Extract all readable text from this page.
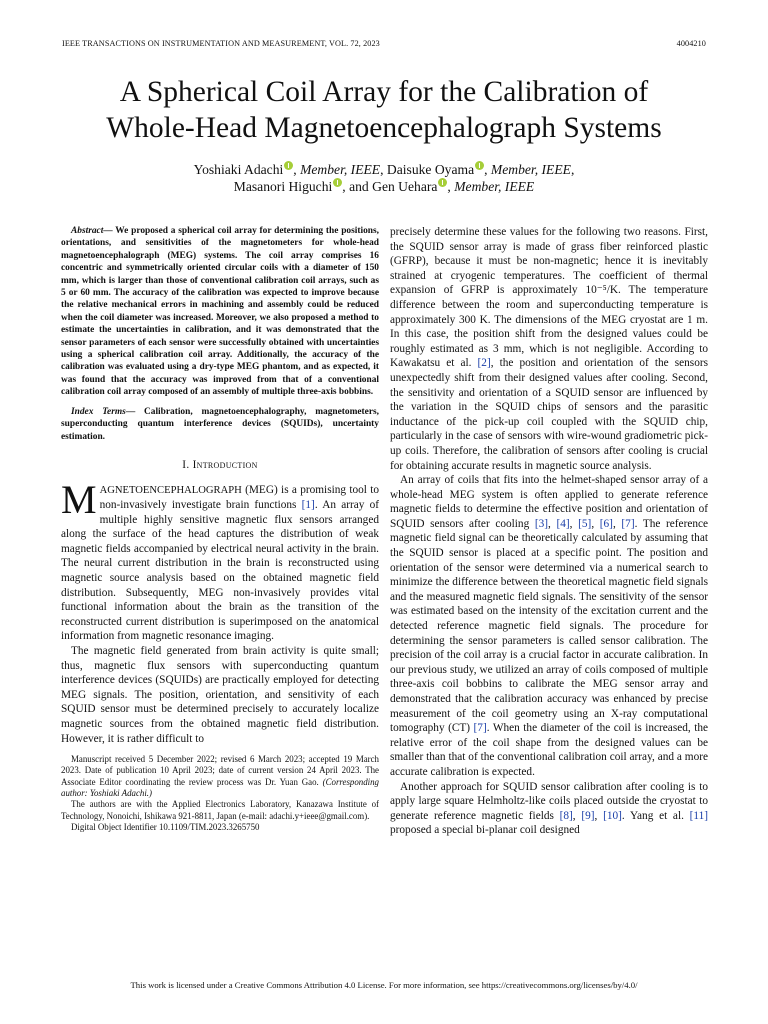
IEEE TRANSACTIONS ON INSTRUMENTATION AND MEASUREMENT, VOL. 72, 2023	4004210
A Spherical Coil Array for the Calibration of
Whole-Head Magnetoencephalograph Systems
Yoshiaki Adachi , Member, IEEE, Daisuke Oyama , Member, IEEE,
Masanori Higuchi , and Gen Uehara , Member, IEEE

Abstract— We proposed a spherical coil array for determining the positions, orientations, and sensitivities of the magnetometers for whole-head magnetoencephalograph (MEG) systems. The coil array comprises 16 concentric and symmetrically oriented circular coils with a diameter of 150 mm, which is larger than those of conventional calibration coil arrays, such as 5 or 60 mm. The accuracy of the calibration was expected to improve because the relative mechanical errors in machining and assembly could be reduced when the coil diameter was increased. Moreover, we also proposed a method to estimate the uncertainties in calibration, and it was demonstrated that the sensor parameters of each sensor were successfully obtained with uncertainties using a spherical calibration coil array. Additionally, the accuracy of the calibration was evaluated using a dry-type MEG phantom, and as expected, it was found that the accuracy was improved from that of a conventional calibration coil array composed of an assembly of multiple three-axis bobbins.

Index Terms— Calibration, magnetoencephalography, magnetometers, superconducting quantum interference devices (SQUIDs), uncertainty estimation.

I. Introduction

MAGNETOENCEPHALOGRAPH (MEG) is a promising tool to non-invasively investigate brain functions [1]. An array of multiple highly sensitive magnetic flux sensors arranged along the surface of the head captures the distribution of weak magnetic fields accompanied by electrical neural activity in the brain. The neural current distribution in the brain is reconstructed using magnetic source analysis based on the obtained magnetic field distribution. Subsequently, MEG non-invasively provides vital functional information about the brain as the transition of the reconstructed current distribution is superimposed on the anatomical information from magnetic resonance imaging.

The magnetic field generated from brain activity is quite small; thus, magnetic flux sensors with superconducting quantum interference devices (SQUIDs) are practically employed for detecting MEG signals. The position, orientation, and sensitivity of each SQUID sensor must be determined precisely to accurately localize magnetic sources from the obtained magnetic field distribution. However, it is rather difficult to

Manuscript received 5 December 2022; revised 6 March 2023; accepted 19 March 2023. Date of publication 10 April 2023; date of current version 24 April 2023. The Associate Editor coordinating the review process was Dr. Yuan Gao. (Corresponding author: Yoshiaki Adachi.)

The authors are with the Applied Electronics Laboratory, Kanazawa Institute of Technology, Nonoichi, Ishikawa 921-8811, Japan (e-mail: adachi.y+ieee@gmail.com).

Digital Object Identifier 10.1109/TIM.2023.3265750

precisely determine these values for the following two reasons. First, the SQUID sensor array is made of grass fiber reinforced plastic (GFRP), because it must be non-magnetic; hence it is inevitably strained at cryogenic temperatures. The coefficient of thermal expansion of GFRP is approximately 10⁻⁵/K. The temperature difference between the room and superconducting temperature is approximately 300 K. The dimensions of the MEG cryostat are 1 m. In this case, the position shift from the designed values could be roughly estimated as 3 mm, which is not negligible. According to Kawakatsu et al. [2], the position and orientation of the sensors unexpectedly shift from their designed values after cooling. Second, the sensitivity and orientation of a SQUID sensor are influenced by the variation in the SQUID chips of sensors and the parasitic inductance of the pick-up coil coupled with the SQUID chip, particularly in the case of sensors with wire-wound gradiometric pick-up coils. Therefore, the calibration of sensors after cooling is crucial for obtaining accurate results in magnetic source analysis.

An array of coils that fits into the helmet-shaped sensor array of a whole-head MEG system is often applied to generate reference magnetic fields to determine the effective position and orientation of SQUID sensors after cooling [3], [4], [5], [6], [7]. The reference magnetic field signal can be theoretically calculated by assuming that the SQUID sensor is placed at a specific point. The position and orientation of the sensor were determined via a numerical search to minimize the difference between the theoretical magnetic field signals and the measured magnetic field signals. The sensitivity of the sensor was estimated based on the intensity of the excitation current and the detected reference magnetic field signals. The procedure for determining the sensor parameters is called sensor calibration. The precision of the coil array is a crucial factor in accurate calibration. In our previous study, we utilized an array of coils composed of multiple three-axis coil bobbins to calibrate the MEG sensor array and demonstrated that the calibration accuracy was enhanced by precise measurement of the coil geometry using an X-ray computational tomography (CT) [7]. When the diameter of the coil is increased, the relative error of the coil shape from the designed values can be smaller than that of the conventional calibration coil array, and a more accurate calibration is expected.

Another approach for SQUID sensor calibration after cooling is to apply large square Helmholtz-like coils placed outside the cryostat to generate reference magnetic fields [8], [9], [10]. Yang et al. [11] proposed a special bi-planar coil designed

This work is licensed under a Creative Commons Attribution 4.0 License. For more information, see https://creativecommons.org/licenses/by/4.0/
